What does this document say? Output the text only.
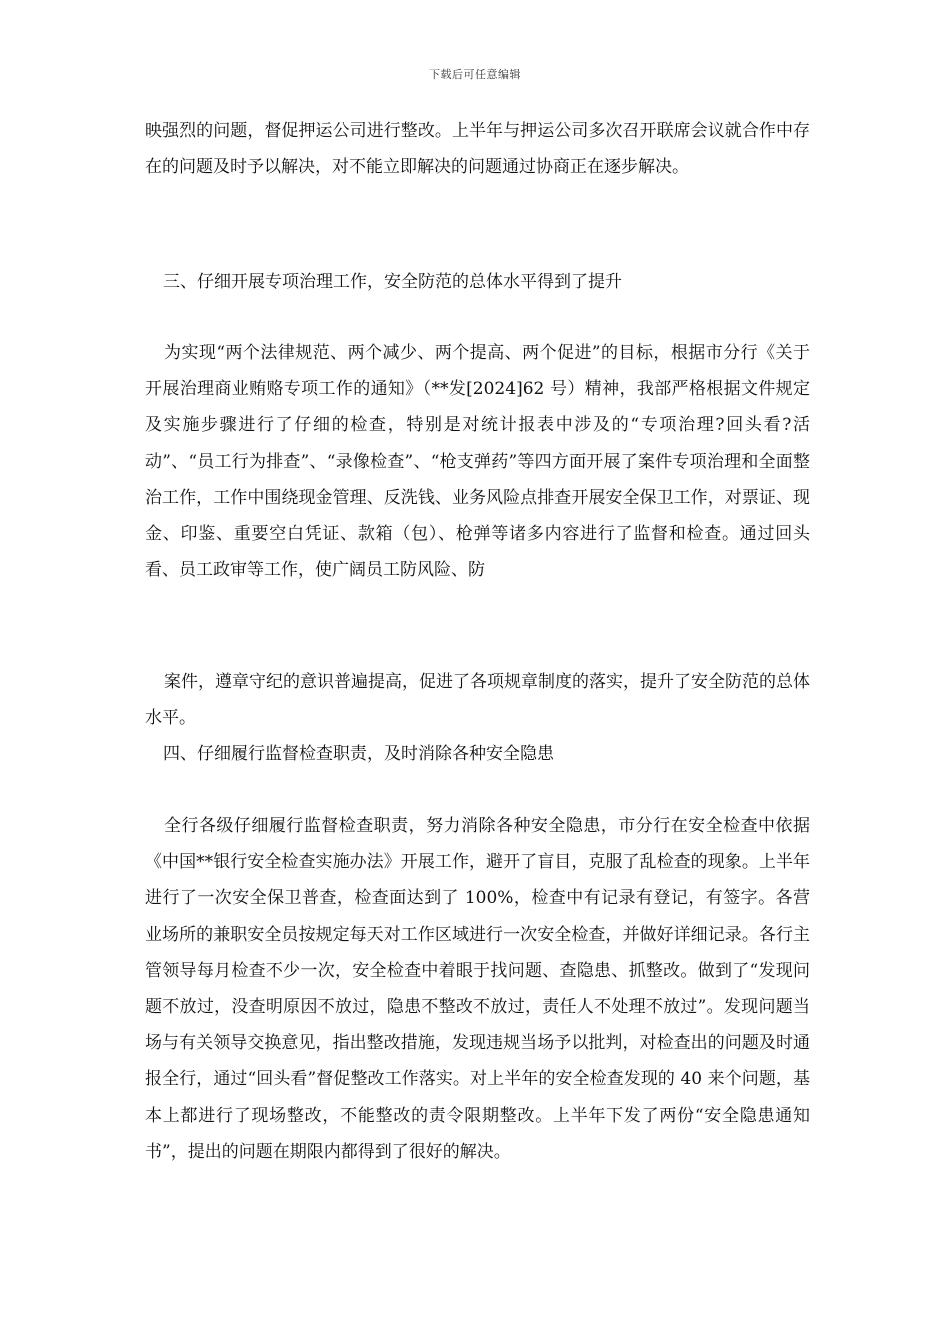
下载后可任意编辑

映强烈的问题，督促押运公司进行整改。上半年与押运公司多次召开联席会议就合作中存在的问题及时予以解决，对不能立即解决的问题通过协商正在逐步解决。

三、仔细开展专项治理工作，安全防范的总体水平得到了提升

为实现“两个法律规范、两个减少、两个提高、两个促进”的目标，根据市分行《关于开展治理商业贿赂专项工作的通知》（**发[2024]62 号）精神，我部严格根据文件规定及实施步骤进行了仔细的检查，特别是对统计报表中涉及的“专项治理?回头看?活动”、“员工行为排查”、“录像检查”、“枪支弹药”等四方面开展了案件专项治理和全面整治工作，工作中围绕现金管理、反洗钱、业务风险点排查开展安全保卫工作，对票证、现金、印鉴、重要空白凭证、款箱（包）、枪弹等诸多内容进行了监督和检查。通过回头看、员工政审等工作，使广阔员工防风险、防

案件，遵章守纪的意识普遍提高，促进了各项规章制度的落实，提升了安全防范的总体水平。

四、仔细履行监督检查职责，及时消除各种安全隐患

全行各级仔细履行监督检查职责，努力消除各种安全隐患，市分行在安全检查中依据《中国**银行安全检查实施办法》开展工作，避开了盲目，克服了乱检查的现象。上半年进行了一次安全保卫普查，检查面达到了 100%，检查中有记录有登记，有签字。各营业场所的兼职安全员按规定每天对工作区域进行一次安全检查，并做好详细记录。各行主管领导每月检查不少一次，安全检查中着眼于找问题、查隐患、抓整改。做到了“发现问题不放过，没查明原因不放过，隐患不整改不放过，责任人不处理不放过”。发现问题当场与有关领导交换意见，指出整改措施，发现违规当场予以批判，对检查出的问题及时通报全行，通过“回头看”督促整改工作落实。对上半年的安全检查发现的 40 来个问题，基本上都进行了现场整改，不能整改的责令限期整改。上半年下发了两份“安全隐患通知书”，提出的问题在期限内都得到了很好的解决。
